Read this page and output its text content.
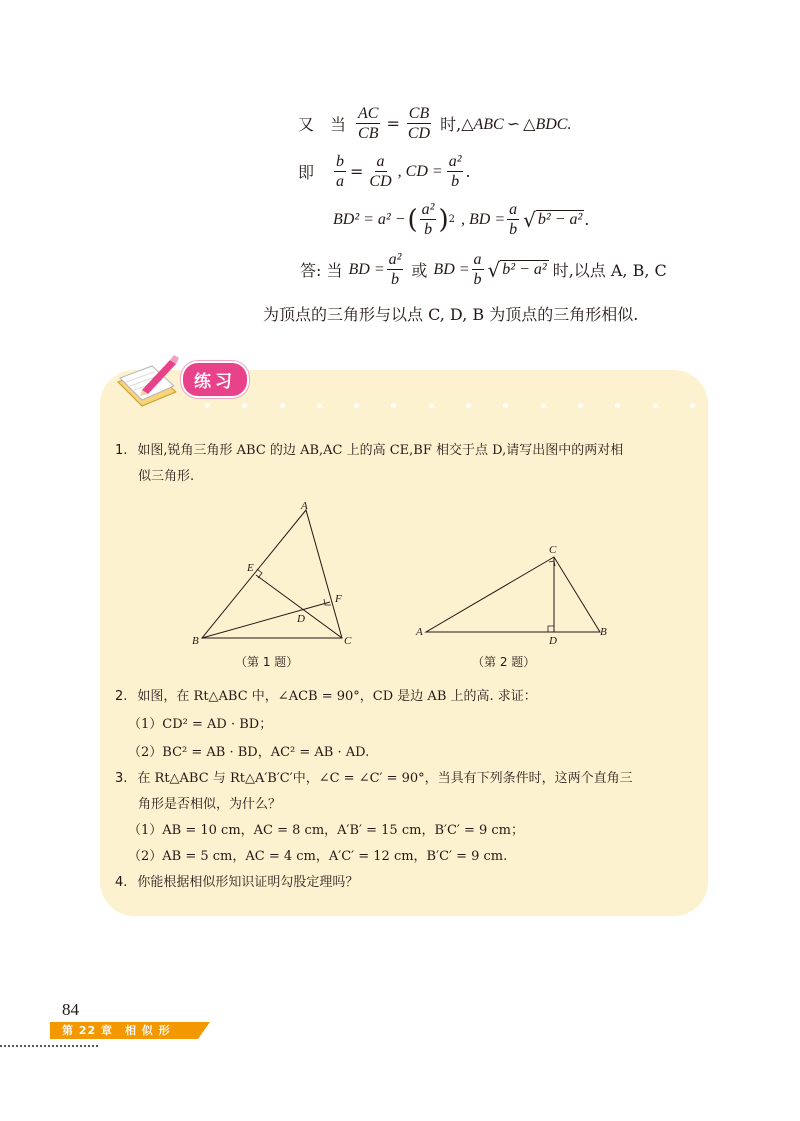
又　当 $\frac{AC}{CB} = \frac{CB}{CD}$ 时, △ABC ∽ △BDC.
即 $\frac{b}{a} = \frac{a}{CD}$ , CD = $\frac{\text{a²}}{b}$ .
BD² = a² − ( $\frac{\text{a²}}{b}$ ) 2 , BD = $\frac{a}{b}$ √ b² − a² .
答: 当 BD = $\frac{\text{a²}}{b}$ 或 BD = $\frac{a}{b}$ √ b² − a² 时,以点 A, B, C
为顶点的三角形与以点 C, D, B 为顶点的三角形相似.
练习
1. 如图,锐角三角形 ABC 的边 AB,AC 上的高 CE,BF 相交于点 D,请写出图中的两对相
似三角形.
A
E
F
D
B	C
（第 1 题）
C
A
D
B
（第 2 题）
2. 如图，在 Rt△ABC 中，∠ACB = 90°，CD 是边 AB 上的高. 求证：
（1）CD² = AD · BD；
（2）BC² = AB · BD，AC² = AB · AD.
3. 在 Rt△ABC 与 Rt△A′B′C′中，∠C = ∠C′ = 90°，当具有下列条件时，这两个直角三
角形是否相似，为什么？
（1）AB = 10 cm，AC = 8 cm，A′B′ = 15 cm，B′C′ = 9 cm；
（2）AB = 5 cm，AC = 4 cm，A′C′ = 12 cm，B′C′ = 9 cm.
4. 你能根据相似形知识证明勾股定理吗？
84
第 22 章　相 似 形
